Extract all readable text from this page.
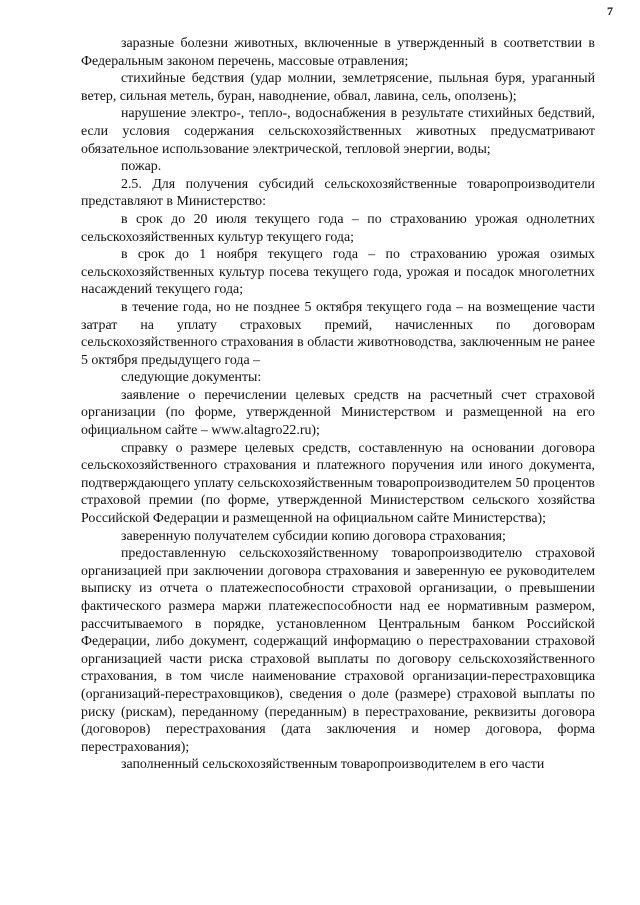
7

заразные болезни животных, включенные в утвержденный в соответствии в Федеральным законом перечень, массовые отравления;

стихийные бедствия (удар молнии, землетрясение, пыльная буря, ураганный ветер, сильная метель, буран, наводнение, обвал, лавина, сель, оползень);

нарушение электро-, тепло-, водоснабжения в результате стихийных бедствий, если условия содержания сельскохозяйственных животных предусматривают обязательное использование электрической, тепловой энергии, воды;

пожар.

2.5. Для получения субсидий сельскохозяйственные товаропроизводители представляют в Министерство:

в срок до 20 июля текущего года – по страхованию урожая однолетних сельскохозяйственных культур текущего года;

в срок до 1 ноября текущего года – по страхованию урожая озимых сельскохозяйственных культур посева текущего года, урожая и посадок многолетних насаждений текущего года;

в течение года, но не позднее 5 октября текущего года – на возмещение части затрат на уплату страховых премий, начисленных по договорам сельскохозяйственного страхования в области животноводства, заключенным не ранее 5 октября предыдущего года –

следующие документы:

заявление о перечислении целевых средств на расчетный счет страховой организации (по форме, утвержденной Министерством и размещенной на его официальном сайте – www.altagro22.ru);

справку о размере целевых средств, составленную на основании договора сельскохозяйственного страхования и платежного поручения или иного документа, подтверждающего уплату сельскохозяйственным товаропроизводителем 50 процентов страховой премии (по форме, утвержденной Министерством сельского хозяйства Российской Федерации и размещенной на официальном сайте Министерства);

заверенную получателем субсидии копию договора страхования;

предоставленную сельскохозяйственному товаропроизводителю страховой организацией при заключении договора страхования и заверенную ее руководителем выписку из отчета о платежеспособности страховой организации, о превышении фактического размера маржи платежеспособности над ее нормативным размером, рассчитываемого в порядке, установленном Центральным банком Российской Федерации, либо документ, содержащий информацию о перестраховании страховой организацией части риска страховой выплаты по договору сельскохозяйственного страхования, в том числе наименование страховой организации-перестраховщика (организаций-перестраховщиков), сведения о доле (размере) страховой выплаты по риску (рискам), переданному (переданным) в перестрахование, реквизиты договора (договоров) перестрахования (дата заключения и номер договора, форма перестрахования);

заполненный сельскохозяйственным товаропроизводителем в его части
